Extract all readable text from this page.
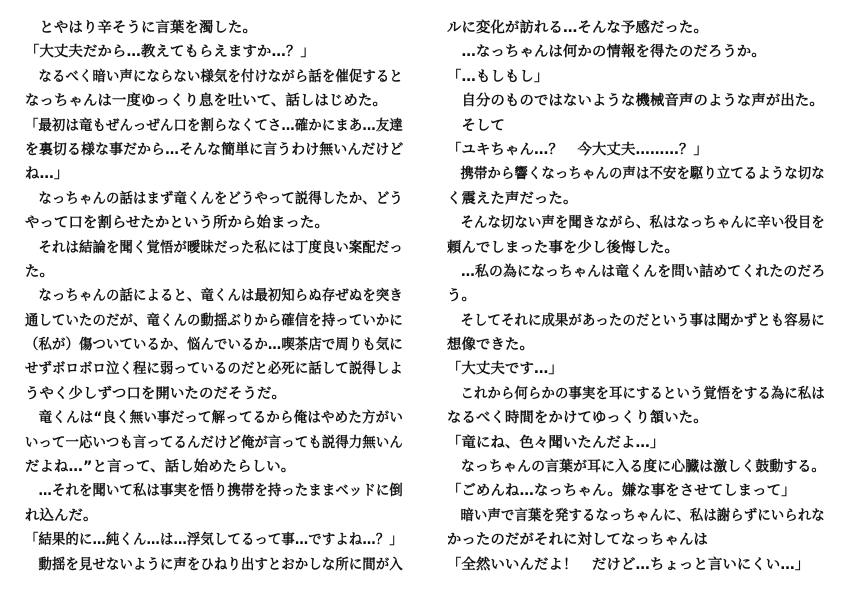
　とやはり辛そうに言葉を濁した。
「大丈夫だから…教えてもらえますか…？」
　なるべく暗い声にならない様気を付けながら話を催促すると
なっちゃんは一度ゆっくり息を吐いて、話しはじめた。
「最初は竜もぜんっぜん口を割らなくてさ…確かにまあ…友達
を裏切る様な事だから…そんな簡単に言うわけ無いんだけど
ね…」
　なっちゃんの話はまず竜くんをどうやって説得したか、どう
やって口を割らせたかという所から始まった。
　それは結論を聞く覚悟が曖昧だった私には丁度良い案配だっ
た。
　なっちゃんの話によると、竜くんは最初知らぬ存ぜぬを突き
通していたのだが、竜くんの動揺ぶりから確信を持っていかに
（私が）傷ついているか、悩んでいるか…喫茶店で周りも気に
せずボロボロ泣く程に弱っているのだと必死に話して説得しよ
うやく少しずつ口を開いたのだそうだ。
　竜くんは“良く無い事だって解ってるから俺はやめた方がい
いって一応いつも言ってるんだけど俺が言っても説得力無いん
だよね…”と言って、話し始めたらしい。
　…それを聞いて私は事実を悟り携帯を持ったままベッドに倒
れ込んだ。
「結果的に…純くん…は…浮気してるって事…ですよね…？」
　動揺を見せないように声をひねり出すとおかしな所に間が入
ルに変化が訪れる…そんな予感だった。
　…なっちゃんは何かの情報を得たのだろうか。
「…もしもし」
　自分のものではないような機械音声のような声が出た。
　そして
「ユキちゃん…？　今大丈夫………？」
　携帯から響くなっちゃんの声は不安を駆り立てるような切な
く震えた声だった。
　そんな切ない声を聞きながら、私はなっちゃんに辛い役目を
頼んでしまった事を少し後悔した。
　…私の為になっちゃんは竜くんを問い詰めてくれたのだろ
う。
　そしてそれに成果があったのだという事は聞かずとも容易に
想像できた。
「大丈夫です…」
　これから何らかの事実を耳にするという覚悟をする為に私は
なるべく時間をかけてゆっくり頷いた。
「竜にね、色々聞いたんだよ…」
　なっちゃんの言葉が耳に入る度に心臓は激しく鼓動する。
「ごめんね…なっちゃん。嫌な事をさせてしまって」
　暗い声で言葉を発するなっちゃんに、私は謝らずにいられな
かったのだがそれに対してなっちゃんは
「全然いいんだよ！　だけど…ちょっと言いにくい…」
